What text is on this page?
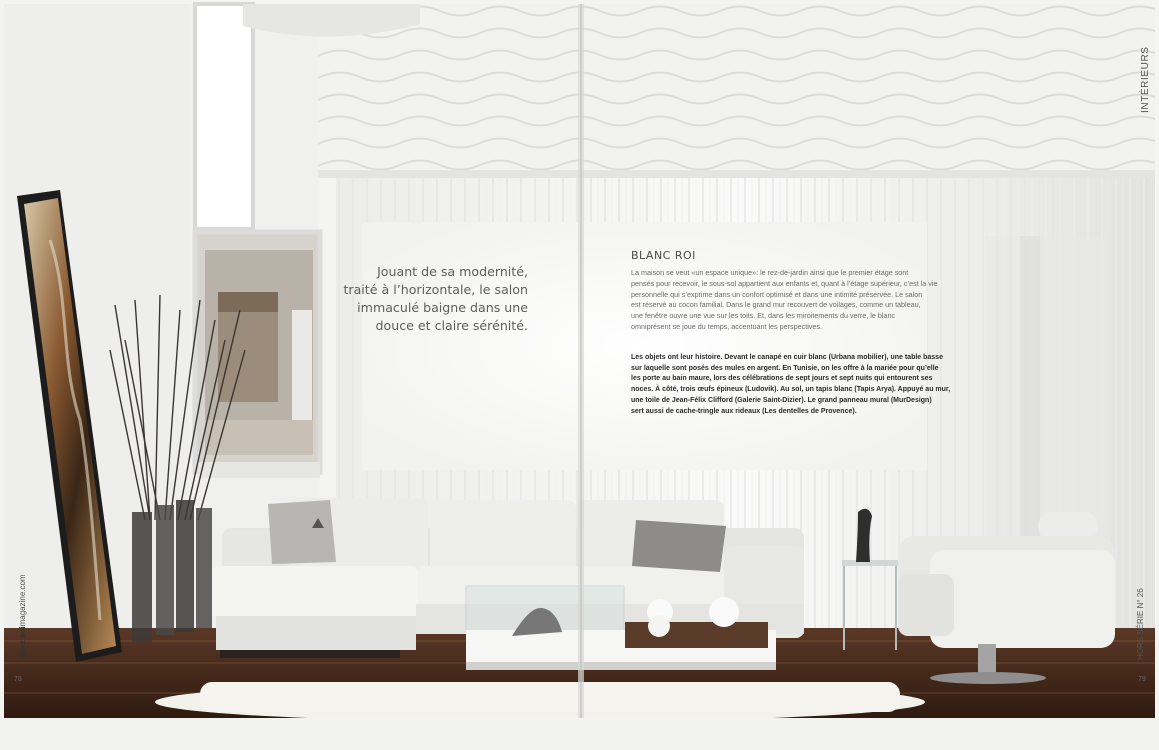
Jouant de sa modernité,
traité à l’horizontale, le salon
immaculé baigne dans une
douce et claire sérénité.
BLANC ROI
La maison se veut «un espace unique»: le rez-de-jardin ainsi que le premier étage sont
pensés pour recevoir, le sous-sol appartient aux enfants et, quant à l’étage supérieur, c’est la vie
personnelle qui s’exprime dans un confort optimisé et dans une intimité préservée. Le salon
est réservé au cocon familial. Dans le grand mur recouvert de voilages, comme un tableau,
une fenêtre ouvre une vue sur les toits. Et, dans les miroitements du verre, le blanc
omniprésent se joue du temps, accentuant les perspectives.
Les objets ont leur histoire. Devant le canapé en cuir blanc (Urbana mobilier), une table basse
sur laquelle sont posés des mules en argent. En Tunisie, on les offre à la mariée pour qu’elle
les porte au bain maure, lors des célébrations de sept jours et sept nuits qui entourent ses
noces. À côté, trois œufs épineux (Ludovik). Au sol, un tapis blanc (Tapis Arya). Appuyé au mur,
une toile de Jean-Félix Clifford (Galerie Saint-Dizier). Le grand panneau mural (MurDesign)
sert aussi de cache-tringle aux rideaux (Les dentelles de Provence).
INTÉRIEURS
chez soimagazine.com	HORS SÉRIE N° 26
78	79
